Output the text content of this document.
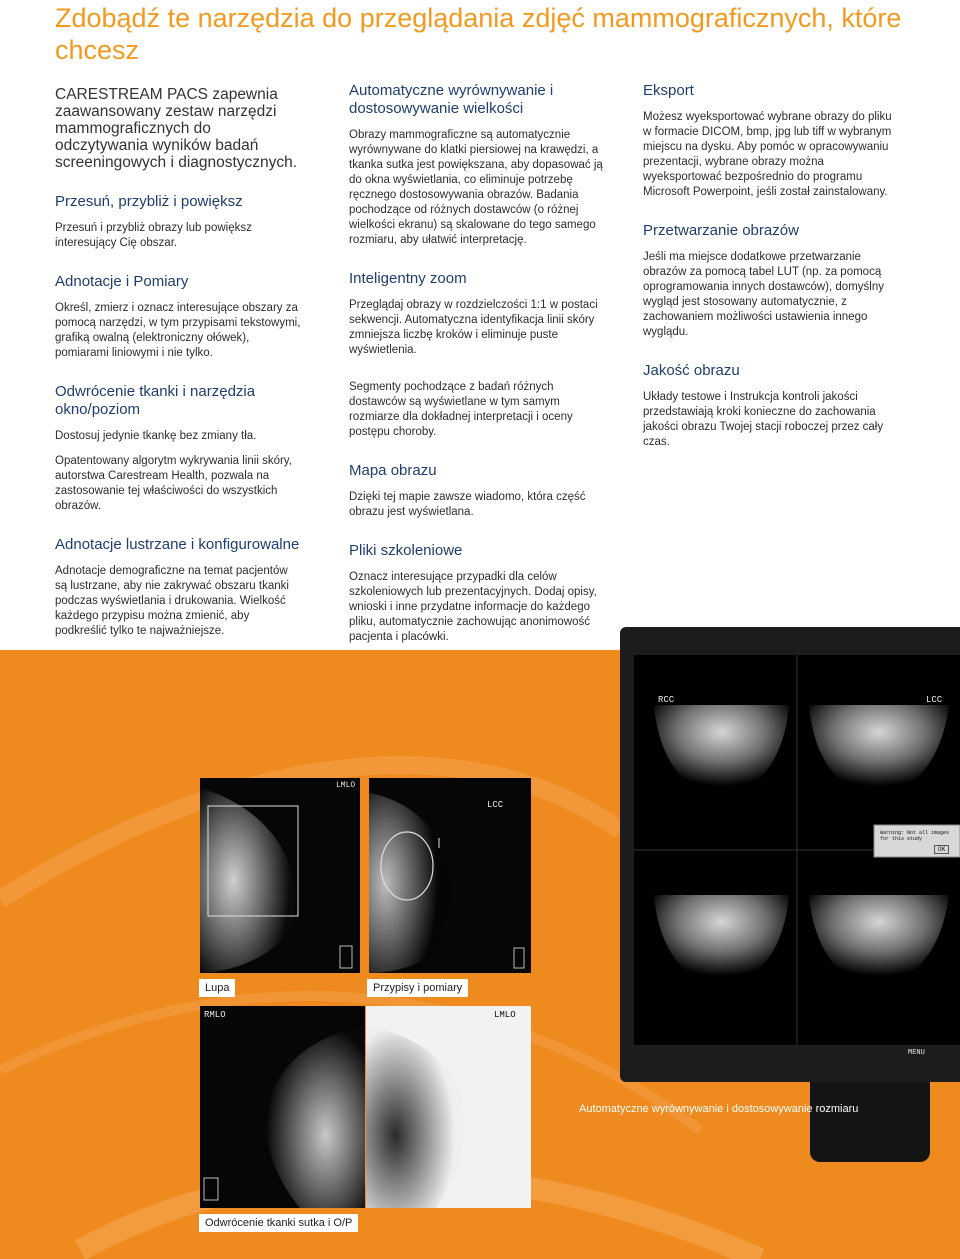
Zdobądź te narzędzia do przeglądania zdjęć mammograficznych, które chcesz
CARESTREAM PACS zapewnia zaawansowany zestaw narzędzi mammograficznych do odczytywania wyników badań screeningowych i diagnostycznych.
Przesuń, przybliż i powiększ

Przesuń i przybliż obrazy lub powiększ interesujący Cię obszar.

Adnotacje i Pomiary

Określ, zmierz i oznacz interesujące obszary za pomocą narzędzi, w tym przypisami tekstowymi, grafiką owalną (elektroniczny ołówek), pomiarami liniowymi i nie tylko.

Odwrócenie tkanki i narzędzia okno/poziom

Dostosuj jedynie tkankę bez zmiany tła.

Opatentowany algorytm wykrywania linii skóry, autorstwa Carestream Health, pozwala na zastosowanie tej właściwości do wszystkich obrazów.

Adnotacje lustrzane i konfigurowalne

Adnotacje demograficzne na temat pacjentów są lustrzane, aby nie zakrywać obszaru tkanki podczas wyświetlania i drukowania. Wielkość każdego przypisu można zmienić, aby podkreślić tylko te najważniejsze.

Automatyczne wyrównywanie i dostosowywanie wielkości

Obrazy mammograficzne są automatycznie wyrównywane do klatki piersiowej na krawędzi, a tkanka sutka jest powiększana, aby dopasować ją do okna wyświetlania, co eliminuje potrzebę ręcznego dostosowywania obrazów. Badania pochodzące od różnych dostawców (o różnej wielkości ekranu) są skalowane do tego samego rozmiaru, aby ułatwić interpretację.

Inteligentny zoom

Przeglądaj obrazy w rozdzielczości 1:1 w postaci sekwencji. Automatyczna identyfikacja linii skóry zmniejsza liczbę kroków i eliminuje puste wyświetlenia.

Segmenty pochodzące z badań różnych dostawców są wyświetlane w tym samym rozmiarze dla dokładnej interpretacji i oceny postępu choroby.

Mapa obrazu

Dzięki tej mapie zawsze wiadomo, która część obrazu jest wyświetlana.

Pliki szkoleniowe

Oznacz interesujące przypadki dla celów szkoleniowych lub prezentacyjnych. Dodaj opisy, wnioski i inne przydatne informacje do każdego pliku, automatycznie zachowując anonimowość pacjenta i placówki.

Eksport

Możesz wyeksportować wybrane obrazy do pliku w formacie DICOM, bmp, jpg lub tiff w wybranym miejscu na dysku. Aby pomóc w opracowywaniu prezentacji, wybrane obrazy można wyeksportować bezpośrednio do programu Microsoft Powerpoint, jeśli został zainstalowany.

Przetwarzanie obrazów

Jeśli ma miejsce dodatkowe przetwarzanie obrazów za pomocą tabel LUT (np. za pomocą oprogramowania innych dostawców), domyślny wygląd jest stosowany automatycznie, z zachowaniem możliwości ustawienia innego wyglądu.

Jakość obrazu

Układy testowe i Instrukcja kontroli jakości przedstawiają kroki konieczne do zachowania jakości obrazu Twojej stacji roboczej przez cały czas.

LMLO
Lupa
LCC

Przypisy i pomiary
RMLO	LMLO
Odwrócenie tkanki sutka i O/P
RCC	LCC
Warning: Not all images for this study
OK
MENU
Automatyczne wyrównywanie i dostosowywanie rozmiaru
